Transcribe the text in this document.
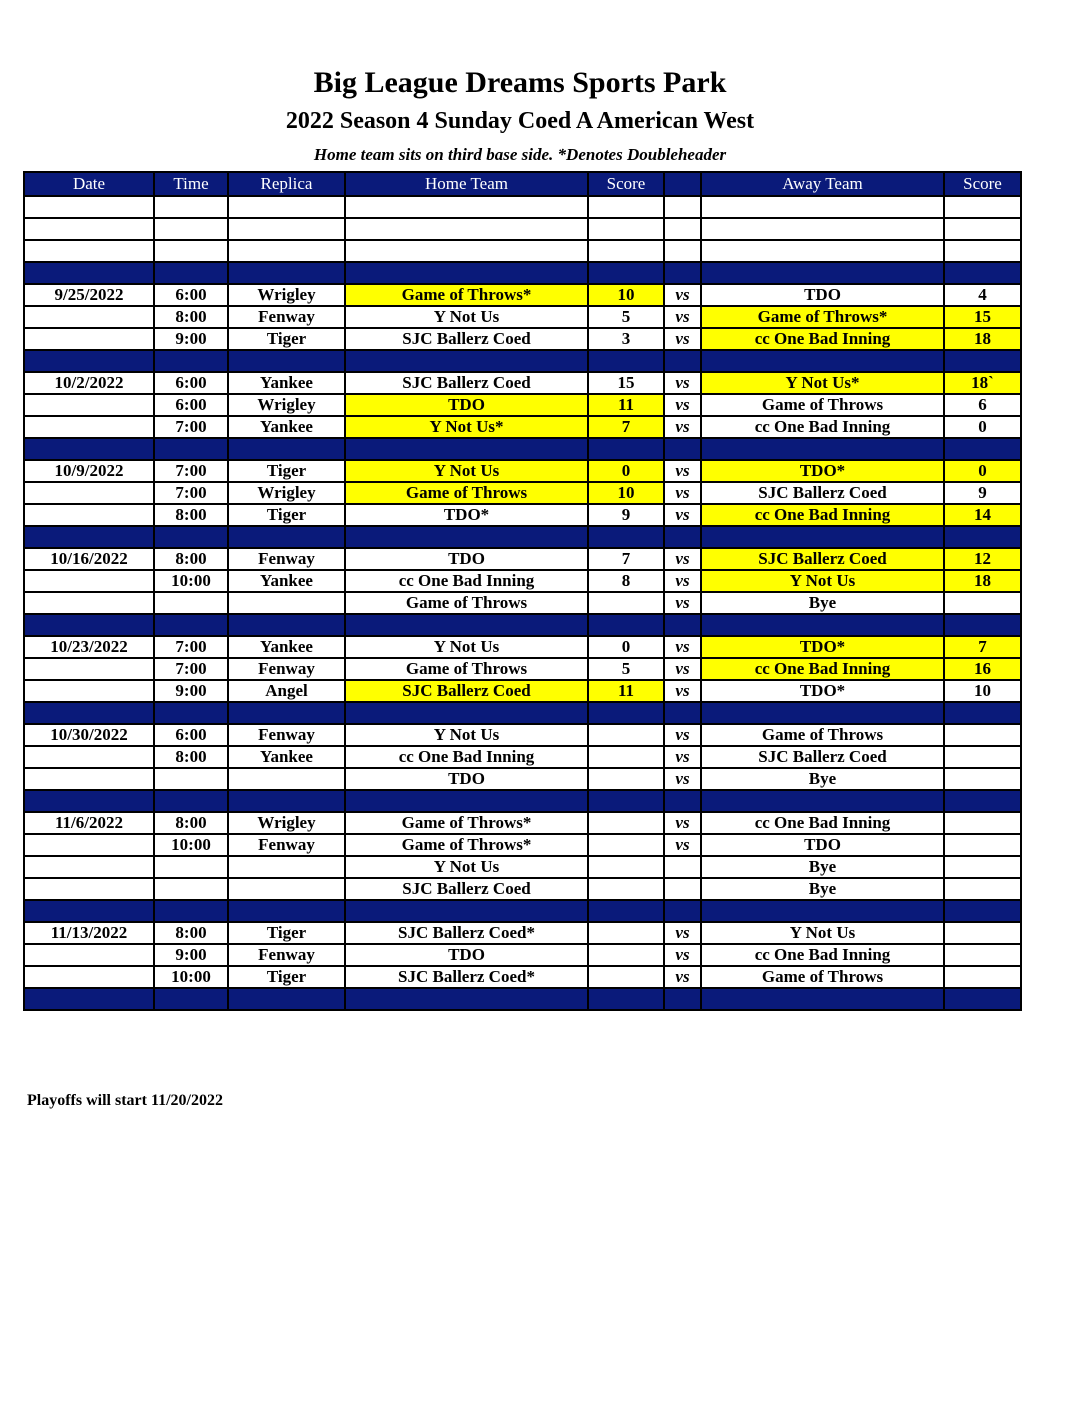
Big League Dreams Sports Park
2022 Season 4 Sunday Coed A American West
Home team sits on third base side. *Denotes Doubleheader
Date	Time	Replica	Home Team	Score		Away Team	Score

9/25/2022	6:00	Wrigley	Game of Throws*	10	vs	TDO	4
	8:00	Fenway	Y Not Us	5	vs	Game of Throws*	15
	9:00	Tiger	SJC Ballerz Coed	3	vs	cc One Bad Inning	18

10/2/2022	6:00	Yankee	SJC Ballerz Coed	15	vs	Y Not Us*	18`
	6:00	Wrigley	TDO	11	vs	Game of Throws	6
	7:00	Yankee	Y Not Us*	7	vs	cc One Bad Inning	0

10/9/2022	7:00	Tiger	Y Not Us	0	vs	TDO*	0
	7:00	Wrigley	Game of Throws	10	vs	SJC Ballerz Coed	9
	8:00	Tiger	TDO*	9	vs	cc One Bad Inning	14

10/16/2022	8:00	Fenway	TDO	7	vs	SJC Ballerz Coed	12
	10:00	Yankee	cc One Bad Inning	8	vs	Y Not Us	18
			Game of Throws		vs	Bye	

10/23/2022	7:00	Yankee	Y Not Us	0	vs	TDO*	7
	7:00	Fenway	Game of Throws	5	vs	cc One Bad Inning	16
	9:00	Angel	SJC Ballerz Coed	11	vs	TDO*	10

10/30/2022	6:00	Fenway	Y Not Us		vs	Game of Throws	
	8:00	Yankee	cc One Bad Inning		vs	SJC Ballerz Coed	
			TDO		vs	Bye	

11/6/2022	8:00	Wrigley	Game of Throws*		vs	cc One Bad Inning	
	10:00	Fenway	Game of Throws*		vs	TDO	
			Y Not Us			Bye	
			SJC Ballerz Coed			Bye	

11/13/2022	8:00	Tiger	SJC Ballerz Coed*		vs	Y Not Us	
	9:00	Fenway	TDO		vs	cc One Bad Inning	
	10:00	Tiger	SJC Ballerz Coed*		vs	Game of Throws	

Playoffs will start 11/20/2022
